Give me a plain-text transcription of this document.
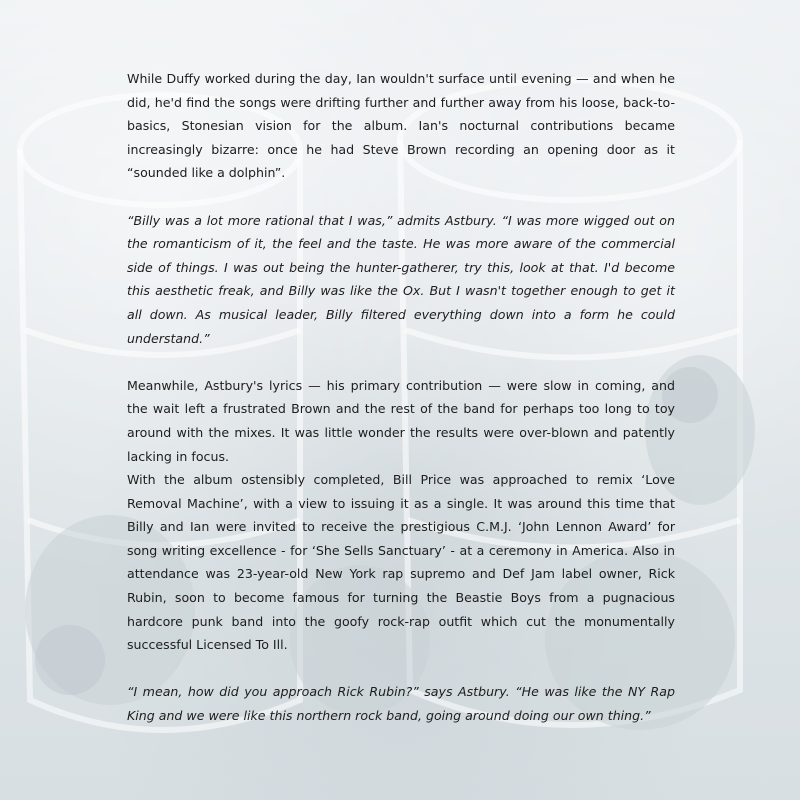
While Duffy worked during the day, Ian wouldn't surface until evening — and when he did, he'd find the songs were drifting further and further away from his loose, back-to-basics, Stonesian vision for the album. Ian's nocturnal contributions became increasingly bizarre: once he had Steve Brown recording an opening door as it “sounded like a dolphin”.

“Billy was a lot more rational that I was,” admits Astbury. “I was more wigged out on the romanticism of it, the feel and the taste. He was more aware of the commercial side of things. I was out being the hunter-gatherer, try this, look at that. I'd become this aesthetic freak, and Billy was like the Ox. But I wasn't together enough to get it all down. As musical leader, Billy filtered everything down into a form he could understand.”

Meanwhile, Astbury's lyrics — his primary contribution — were slow in coming, and the wait left a frustrated Brown and the rest of the band for perhaps too long to toy around with the mixes. It was little wonder the results were over-blown and patently lacking in focus.

With the album ostensibly completed, Bill Price was approached to remix ‘Love Removal Machine’, with a view to issuing it as a single. It was around this time that Billy and Ian were invited to receive the prestigious C.M.J. ‘John Lennon Award’ for song writing excellence - for ‘She Sells Sanctuary’ - at a ceremony in America. Also in attendance was 23-year-old New York rap supremo and Def Jam label owner, Rick Rubin, soon to become famous for turning the Beastie Boys from a pugnacious hardcore punk band into the goofy rock-rap outfit which cut the monumentally successful Licensed To Ill.

“I mean, how did you approach Rick Rubin?” says Astbury. “He was like the NY Rap King and we were like this northern rock band, going around doing our own thing.”
